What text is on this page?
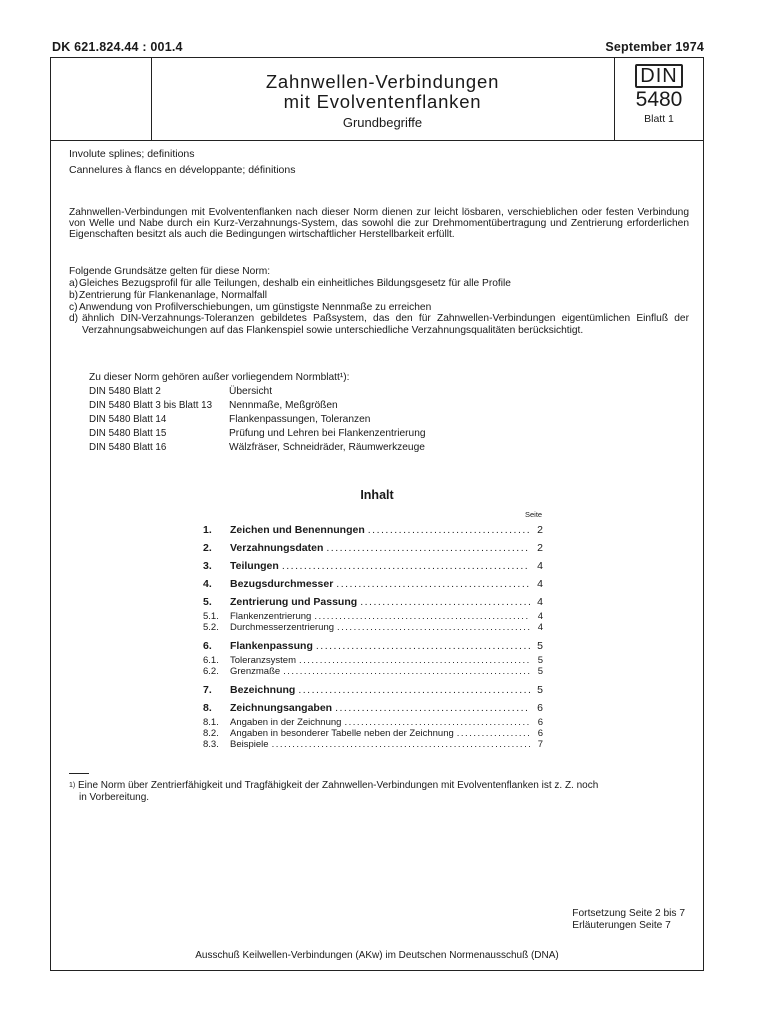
DK 621.824.44 : 001.4	September 1974
Zahnwellen-Verbindungen
mit Evolventenflanken
Grundbegriffe
DIN
5480
Blatt 1
Involute splines; definitions
Cannelures à flancs en développante; définitions
Zahnwellen-Verbindungen mit Evolventenflanken nach dieser Norm dienen zur leicht lösbaren, verschieblichen oder festen Verbindung von Welle und Nabe durch ein Kurz-Verzahnungs-System, das sowohl die zur Drehmomentübertragung und Zentrierung erforderlichen Eigenschaften besitzt als auch die Bedingungen wirtschaftlicher Herstellbarkeit erfüllt.
Folgende Grundsätze gelten für diese Norm:
a) Gleiches Bezugsprofil für alle Teilungen, deshalb ein einheitliches Bildungsgesetz für alle Profile
b) Zentrierung für Flankenanlage, Normalfall
c) Anwendung von Profilverschiebungen, um günstigste Nennmaße zu erreichen
d) ähnlich DIN-Verzahnungs-Toleranzen gebildetes Paßsystem, das den für Zahnwellen-Verbindungen eigentümlichen Einfluß der Verzahnungsabweichungen auf das Flankenspiel sowie unterschiedliche Verzahnungsqualitäten berücksichtigt.
Zu dieser Norm gehören außer vorliegendem Normblatt¹):
DIN 5480 Blatt 2	Übersicht
DIN 5480 Blatt 3 bis Blatt 13	Nennmaße, Meßgrößen
DIN 5480 Blatt 14	Flankenpassungen, Toleranzen
DIN 5480 Blatt 15	Prüfung und Lehren bei Flankenzentrierung
DIN 5480 Blatt 16	Wälzfräser, Schneidräder, Räumwerkzeuge
Inhalt
Seite
1.	Zeichen und Benennungen .....	2
2.	Verzahnungsdaten .....	2
3.	Teilungen .....	4
4.	Bezugsdurchmesser .....	4
5.	Zentrierung und Passung .....	4
5.1.	Flankenzentrierung .....	4
5.2.	Durchmesserzentrierung .....	4
6.	Flankenpassung .....	5
6.1.	Toleranzsystem .....	5
6.2.	Grenzmaße .....	5
7.	Bezeichnung .....	5
8.	Zeichnungsangaben .....	6
8.1.	Angaben in der Zeichnung .....	6
8.2.	Angaben in besonderer Tabelle neben der Zeichnung .....	6
8.3.	Beispiele .....	7
$^{1)}$ Eine Norm über Zentrierfähigkeit und Tragfähigkeit der Zahnwellen-Verbindungen mit Evolventenflanken ist z. Z. noch
in Vorbereitung.
Fortsetzung Seite 2 bis 7
Erläuterungen Seite 7
Ausschuß Keilwellen-Verbindungen (AKw) im Deutschen Normenausschuß (DNA)
